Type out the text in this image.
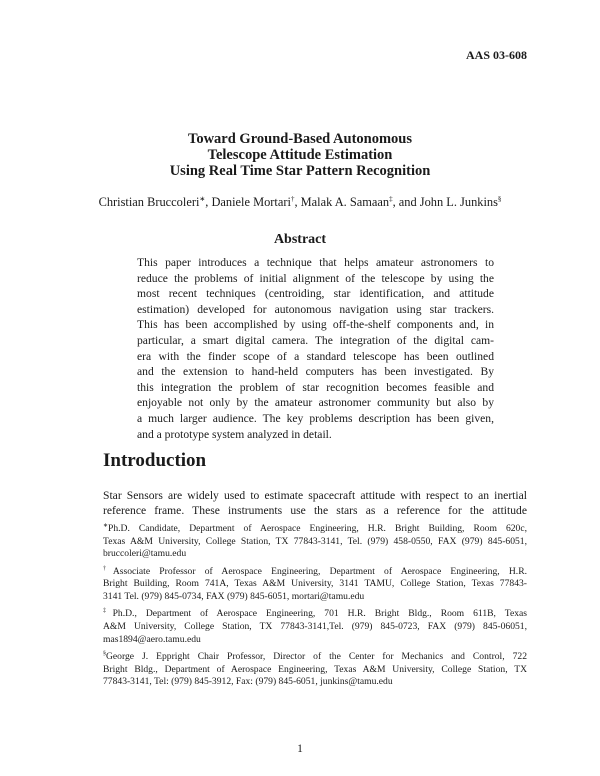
AAS 03-608
Toward Ground-Based Autonomous
Telescope Attitude Estimation
Using Real Time Star Pattern Recognition
Christian Bruccoleri∗, Daniele Mortari†, Malak A. Samaan‡, and John L. Junkins§
Abstract
This paper introduces a technique that helps amateur astronomers to
reduce the problems of initial alignment of the telescope by using the
most recent techniques (centroiding, star identification, and attitude
estimation) developed for autonomous navigation using star trackers.
This has been accomplished by using off-the-shelf components and, in
particular, a smart digital camera. The integration of the digital cam-
era with the finder scope of a standard telescope has been outlined
and the extension to hand-held computers has been investigated. By
this integration the problem of star recognition becomes feasible and
enjoyable not only by the amateur astronomer community but also by
a much larger audience. The key problems description has been given,
and a prototype system analyzed in detail.
Introduction
Star Sensors are widely used to estimate spacecraft attitude with respect to an inertial
reference frame. These instruments use the stars as a reference for the attitude
∗Ph.D. Candidate, Department of Aerospace Engineering, H.R. Bright Building, Room 620c,
Texas A&M University, College Station, TX 77843-3141, Tel. (979) 458-0550, FAX (979) 845-6051,
bruccoleri@tamu.edu
†Associate Professor of Aerospace Engineering, Department of Aerospace Engineering, H.R.
Bright Building, Room 741A, Texas A&M University, 3141 TAMU, College Station, Texas 77843-
3141 Tel. (979) 845-0734, FAX (979) 845-6051, mortari@tamu.edu
‡Ph.D., Department of Aerospace Engineering, 701 H.R. Bright Bldg., Room 611B, Texas
A&M University, College Station, TX 77843-3141,Tel. (979) 845-0723, FAX (979) 845-06051,
mas1894@aero.tamu.edu
§George J. Eppright Chair Professor, Director of the Center for Mechanics and Control, 722
Bright Bldg., Department of Aerospace Engineering, Texas A&M University, College Station, TX
77843-3141, Tel: (979) 845-3912, Fax: (979) 845-6051, junkins@tamu.edu
1
